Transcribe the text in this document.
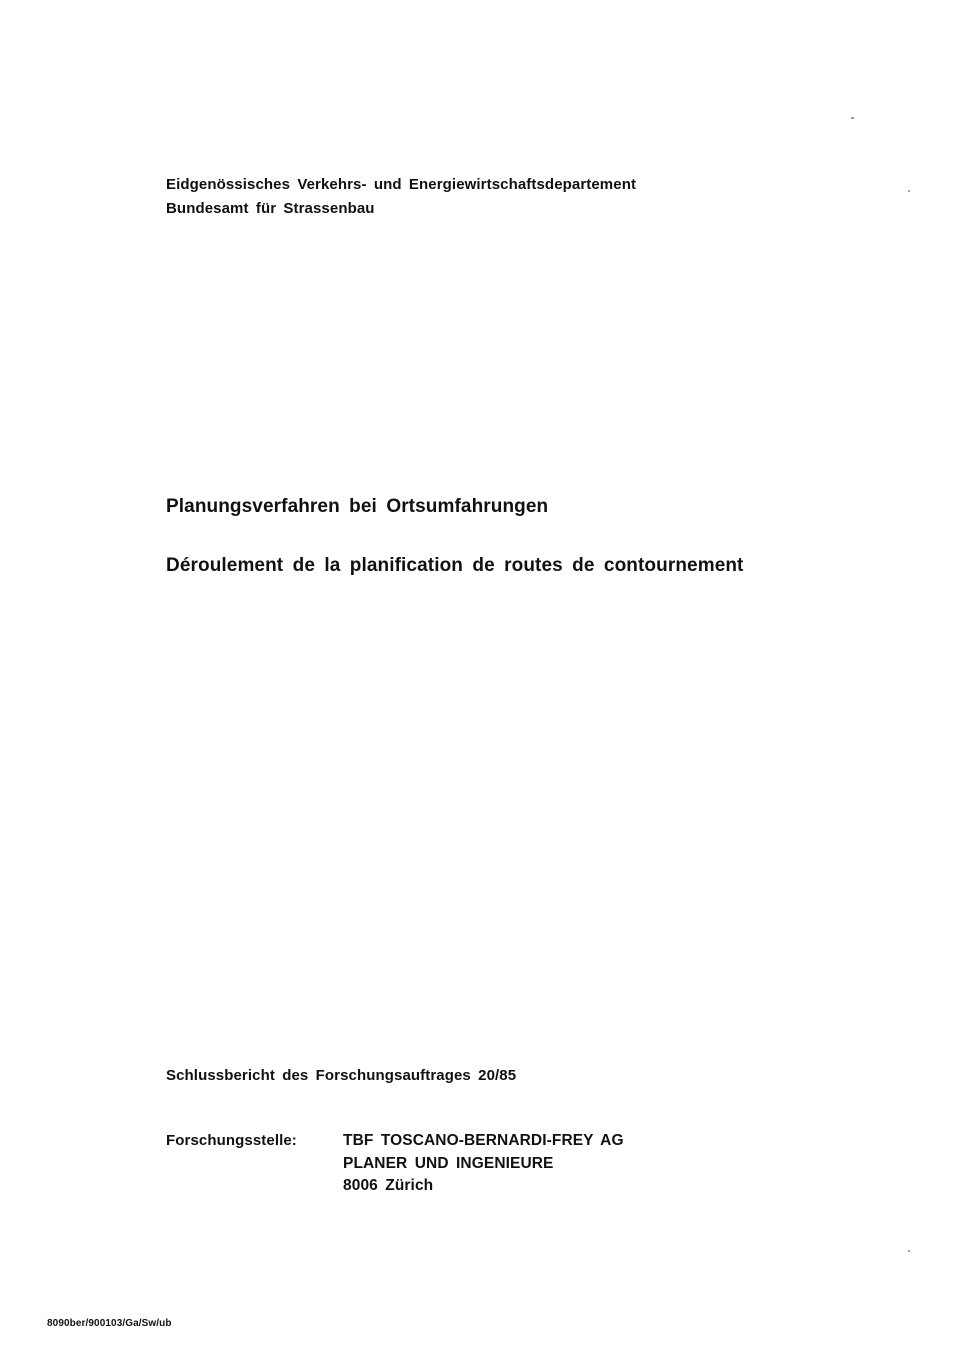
Eidgenössisches Verkehrs- und Energiewirtschaftsdepartement
Bundesamt für Strassenbau
Planungsverfahren bei Ortsumfahrungen
Déroulement de la planification de routes de contournement
Schlussbericht des Forschungsauftrages 20/85
Forschungsstelle:	TBF TOSCANO-BERNARDI-FREY AG
PLANER UND INGENIEURE
8006 Zürich
8090ber/900103/Ga/Sw/ub
